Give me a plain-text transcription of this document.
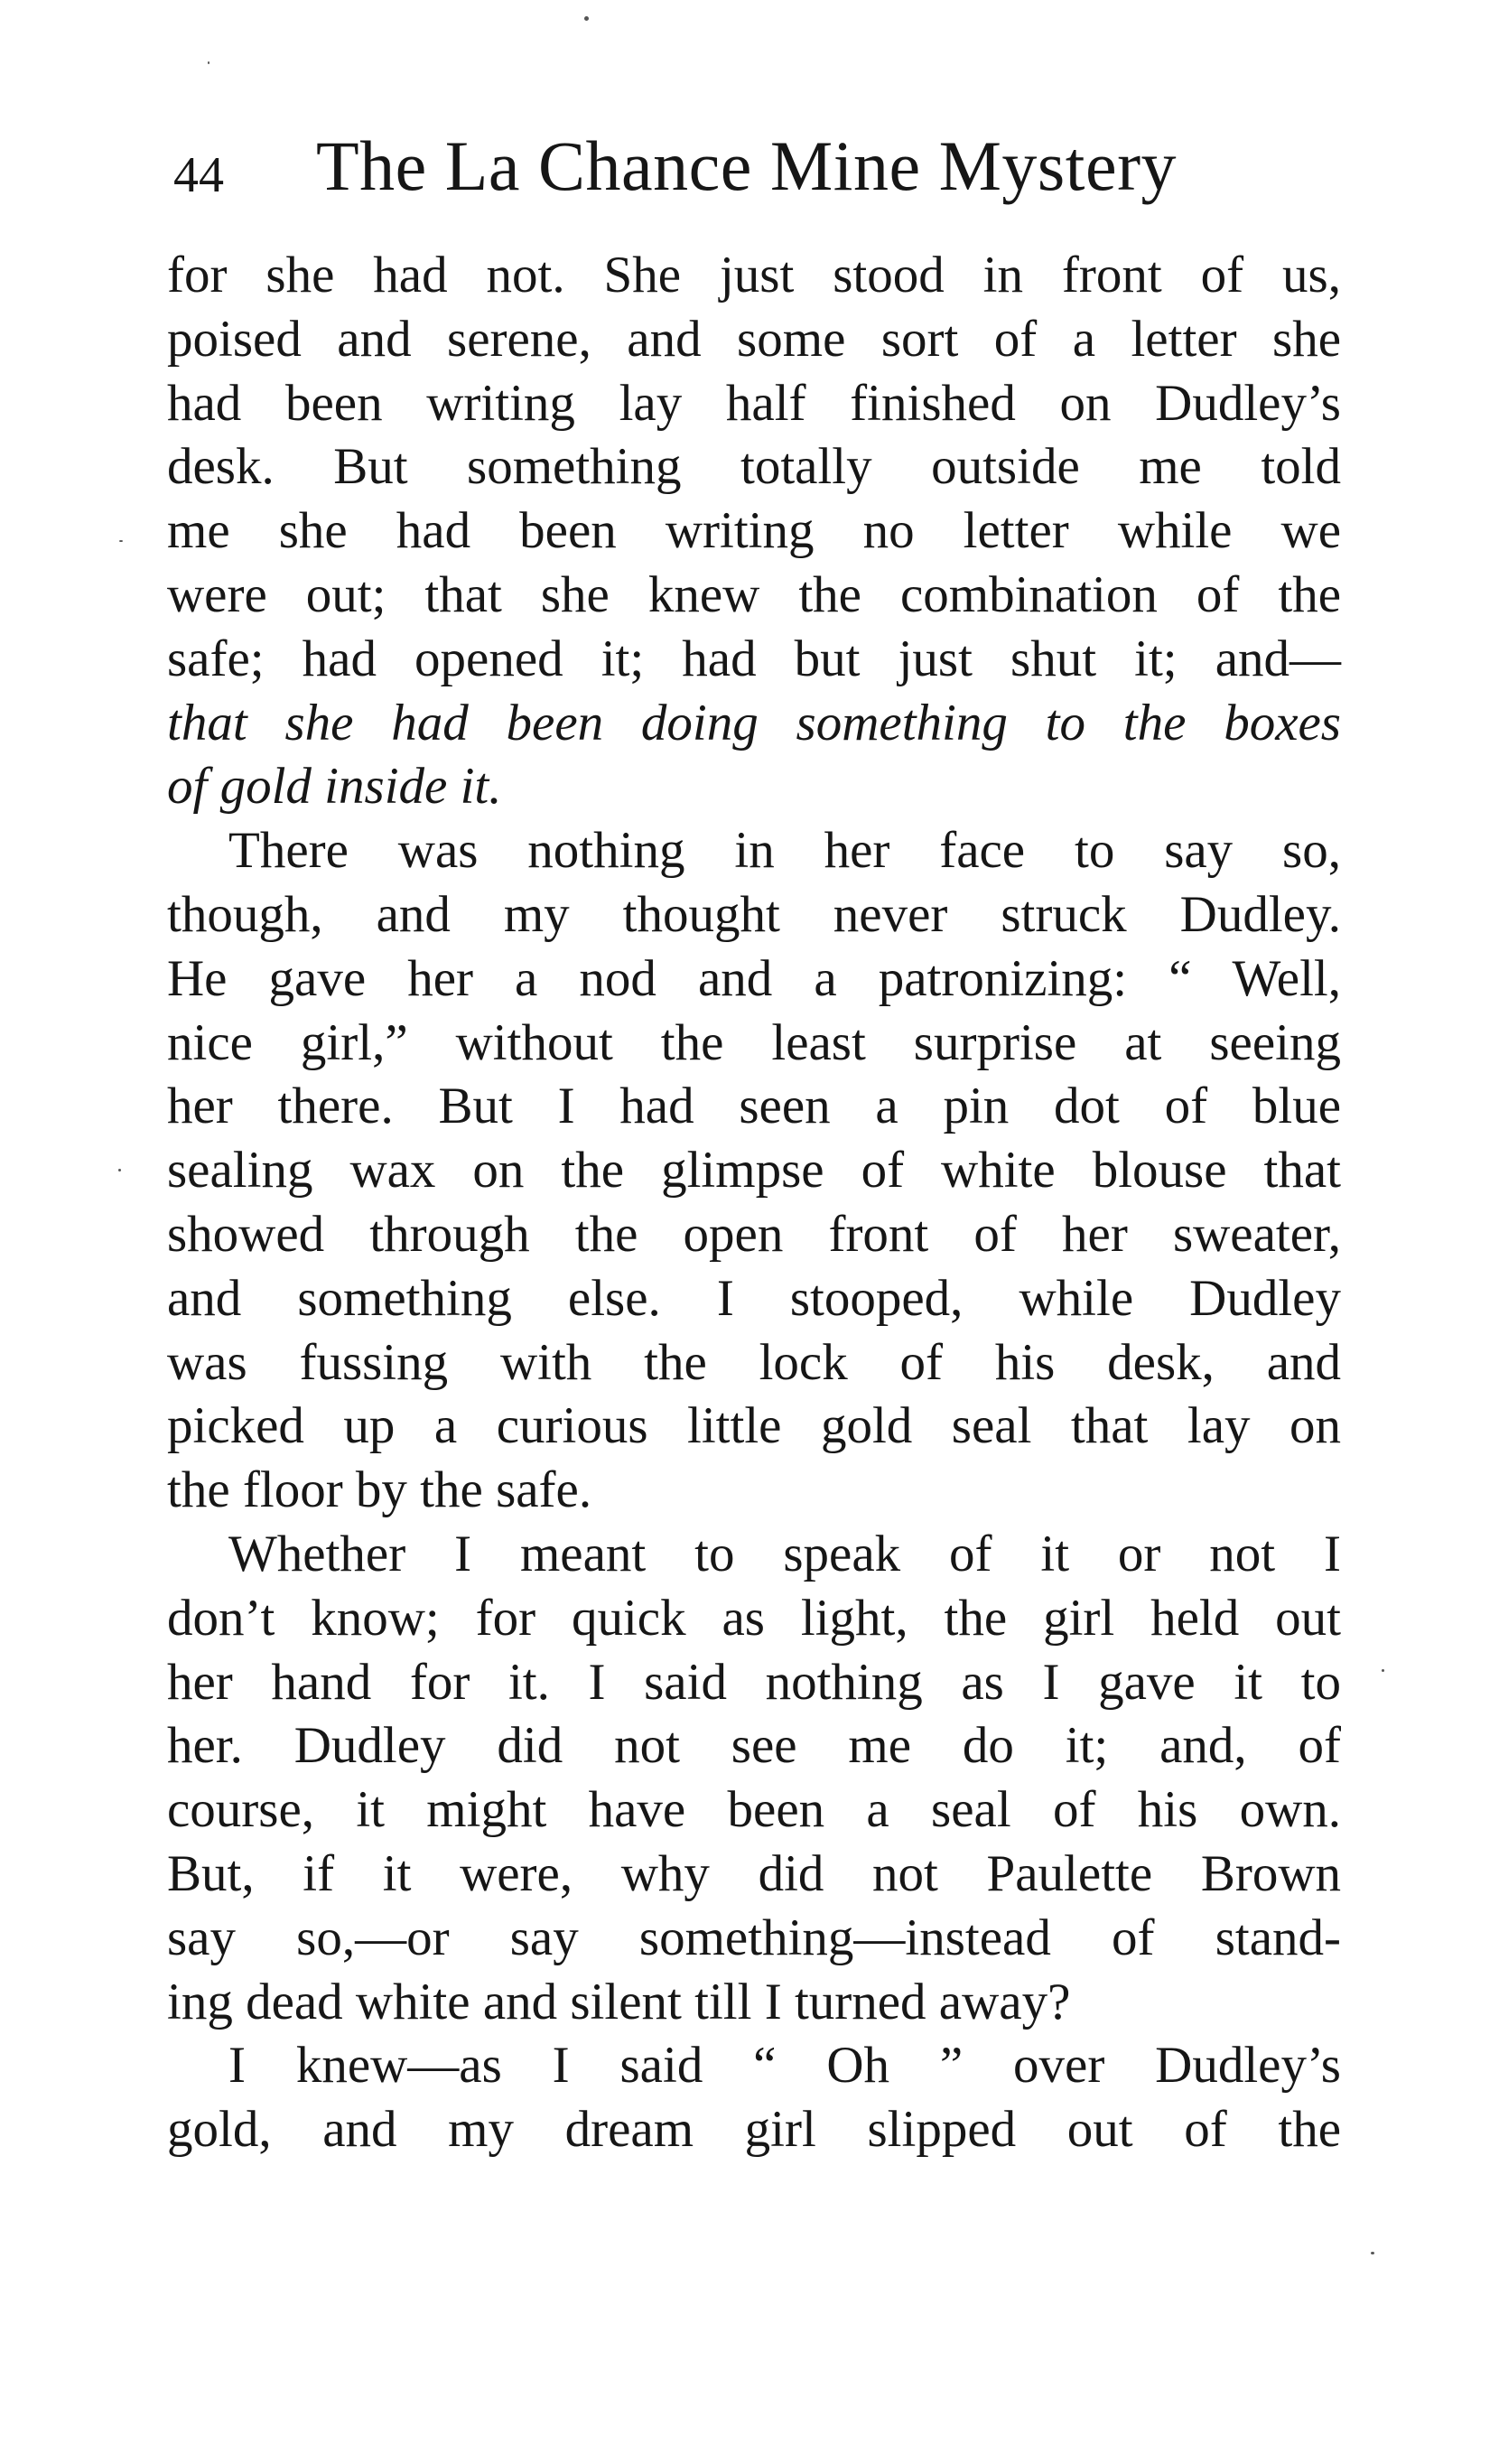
44 The La Chance Mine Mystery
for she had not. She just stood in front of us,
poised and serene, and some sort of a letter she
had been writing lay half finished on Dudley’s
desk. But something totally outside me told
me she had been writing no letter while we
were out; that she knew the combination of the
safe; had opened it; had but just shut it; and—
that she had been doing something to the boxes
of gold inside it.
There was nothing in her face to say so,
though, and my thought never struck Dudley.
He gave her a nod and a patronizing: “ Well,
nice girl,” without the least surprise at seeing
her there. But I had seen a pin dot of blue
sealing wax on the glimpse of white blouse that
showed through the open front of her sweater,
and something else. I stooped, while Dudley
was fussing with the lock of his desk, and
picked up a curious little gold seal that lay on
the floor by the safe.
Whether I meant to speak of it or not I
don’t know; for quick as light, the girl held out
her hand for it. I said nothing as I gave it to
her. Dudley did not see me do it; and, of
course, it might have been a seal of his own.
But, if it were, why did not Paulette Brown
say so,—or say something—instead of stand-
ing dead white and silent till I turned away?
I knew—as I said “ Oh ” over Dudley’s
gold, and my dream girl slipped out of the
